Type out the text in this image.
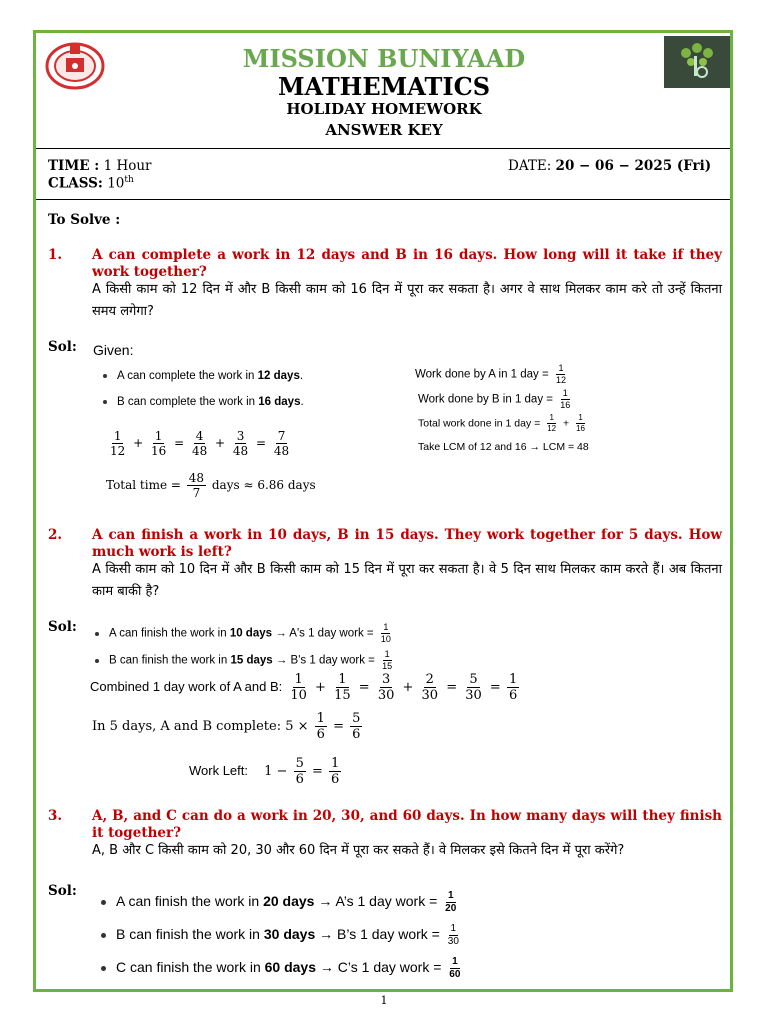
MISSION BUNIYAAD
MATHEMATICS
HOLIDAY HOMEWORK
ANSWER KEY
TIME : 1 Hour
CLASS: 10th
DATE: 20 − 06 − 2025 (Fri)
To Solve :
1. A can complete a work in 12 days and B in 16 days. How long will it take if they work together?
A किसी काम को 12 दिन में और B किसी काम को 16 दिन में पूरा कर सकता है। अगर वे साथ मिलकर काम करे तो उन्हें कितना समय लगेगा?
Sol: Given:
A can complete the work in 12 days.
B can complete the work in 16 days.
$\frac{1}{12} + \frac{1}{16} = \frac{4}{48} + \frac{3}{48} = \frac{7}{48}$
Total time = $\frac{48}{7}$ days ≈ 6.86 days
Work done by A in 1 day = $\frac{1}{12}$
Work done by B in 1 day = $\frac{1}{16}$
Total work done in 1 day = $\frac{1}{12} + \frac{1}{16}$
Take LCM of 12 and 16 → LCM = 48
2. A can finish a work in 10 days, B in 15 days. They work together for 5 days. How much work is left?
A किसी काम को 10 दिन में और B किसी काम को 15 दिन में पूरा कर सकता है। वे 5 दिन साथ मिलकर काम करते हैं। अब कितना काम बाकी है?
Sol:	A can finish the work in 10 days → A's 1 day work = $\frac{1}{10}$
B can finish the work in 15 days → B's 1 day work = $\frac{1}{15}$
Combined 1 day work of A and B: $\frac{1}{10} + \frac{1}{15} = \frac{3}{30} + \frac{2}{30} = \frac{5}{30} = \frac{1}{6}$
In 5 days, A and B complete: $5 \times \frac{1}{6} = \frac{5}{6}$
Work Left: $1 - \frac{5}{6} = \frac{1}{6}$
3. A, B, and C can do a work in 20, 30, and 60 days. In how many days will they finish it together?
A, B और C किसी काम को 20, 30 और 60 दिन में पूरा कर सकते हैं। वे मिलकर इसे कितने दिन में पूरा करेंगे?
Sol:
A can finish the work in 20 days → A’s 1 day work = $\frac{1}{20}$
B can finish the work in 30 days → B’s 1 day work = $\frac{1}{30}$
C can finish the work in 60 days → C’s 1 day work = $\frac{1}{60}$
1
